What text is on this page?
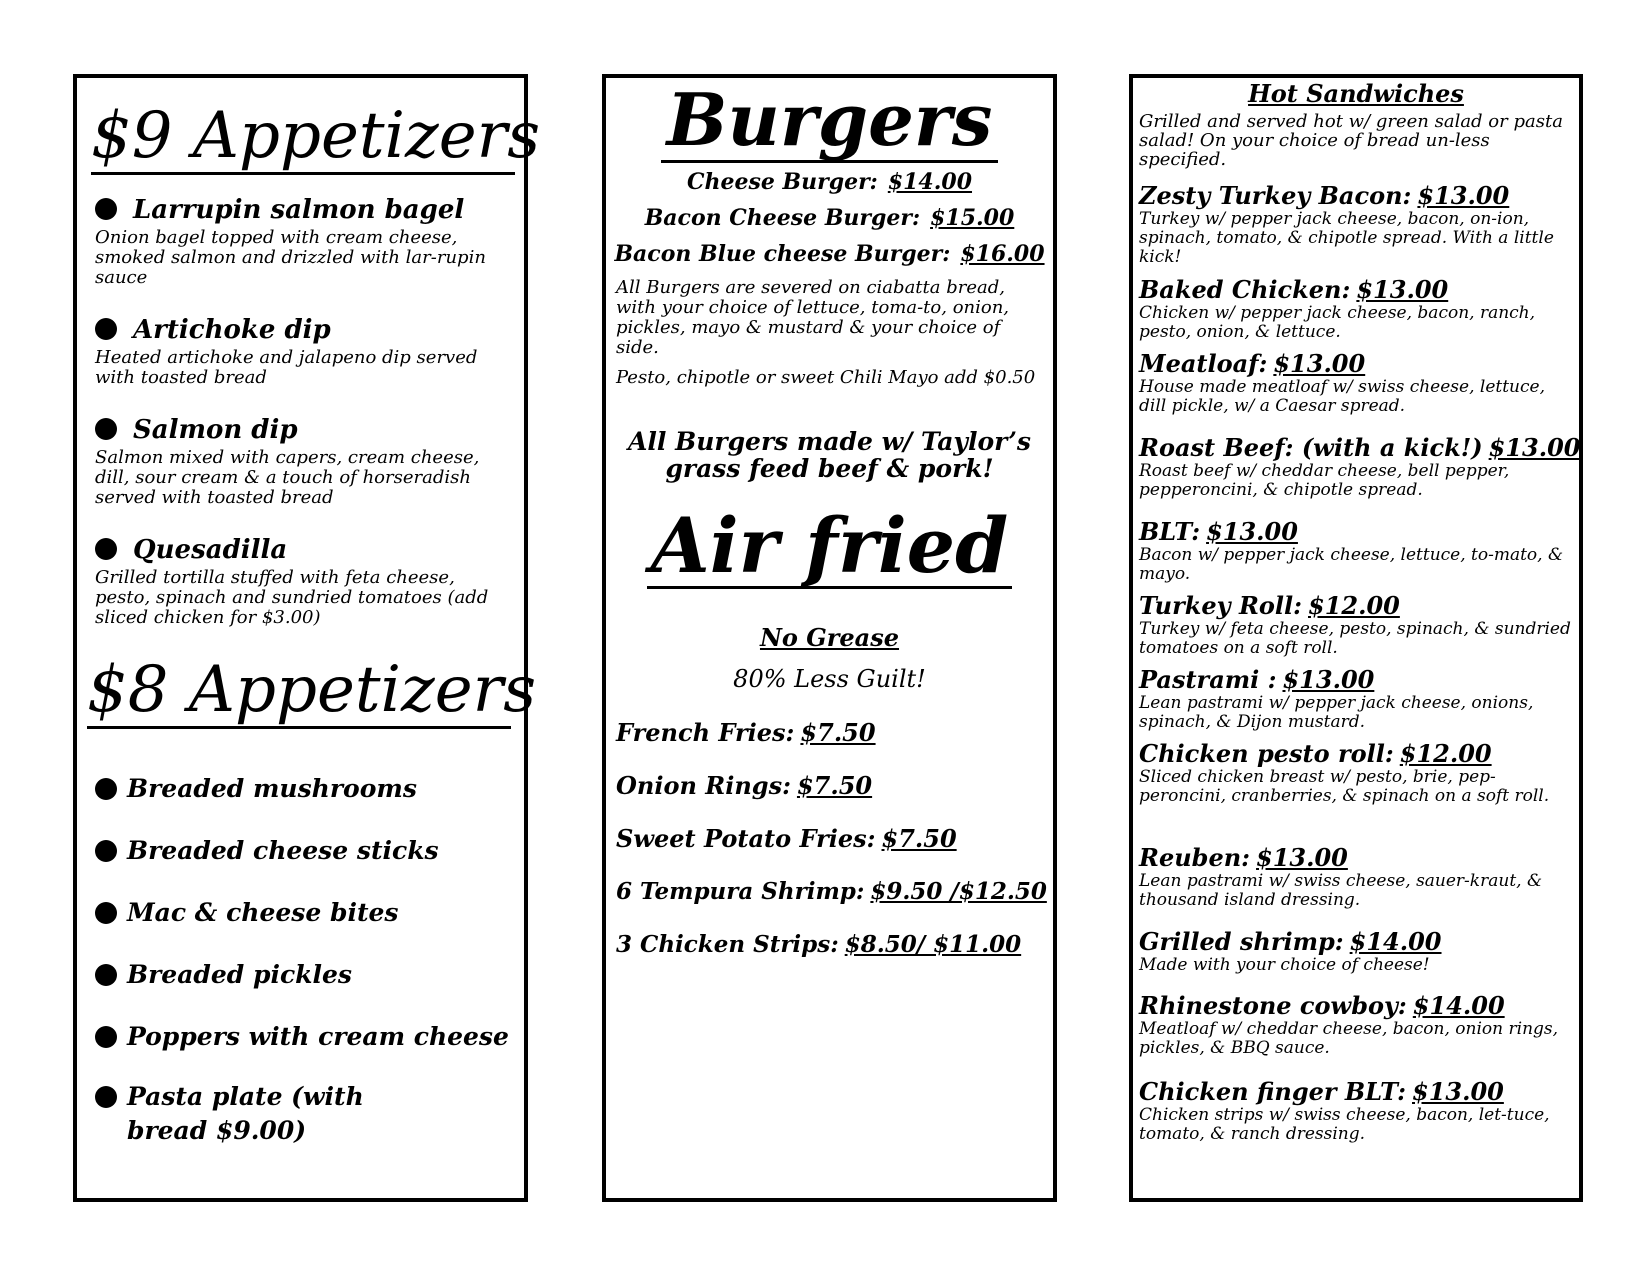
$9 Appetizers
Larrupin salmon bagel
Onion bagel topped with cream cheese, smoked salmon and drizzled with lar-rupin sauce
Artichoke dip
Heated artichoke and jalapeno dip served with toasted bread
Salmon dip
Salmon mixed with capers, cream cheese, dill, sour cream & a touch of horseradish served with toasted bread
Quesadilla
Grilled tortilla stuffed with feta cheese, pesto, spinach and sundried tomatoes (add sliced chicken for $3.00)
$8 Appetizers
Breaded mushrooms
Breaded cheese sticks
Mac & cheese bites
Breaded pickles
Poppers with cream cheese
Pasta plate (with bread $9.00)
Burgers
Cheese Burger: $14.00
Bacon Cheese Burger: $15.00
Bacon Blue cheese Burger: $16.00
All Burgers are severed on ciabatta bread, with your choice of lettuce, toma-to, onion, pickles, mayo & mustard & your choice of side.
Pesto, chipotle or sweet Chili Mayo add $0.50
All Burgers made w/ Taylor’s grass feed beef & pork!
Air fried
No Grease
80% Less Guilt!
French Fries: $7.50
Onion Rings: $7.50
Sweet Potato Fries: $7.50
6 Tempura Shrimp: $9.50 /$12.50
3 Chicken Strips: $8.50/ $11.00
Hot Sandwiches
Grilled and served hot w/ green salad or pasta salad! On your choice of bread un-less specified.
Zesty Turkey Bacon: $13.00
Turkey w/ pepper jack cheese, bacon, on-ion, spinach, tomato, & chipotle spread. With a little kick!
Baked Chicken: $13.00
Chicken w/ pepper jack cheese, bacon, ranch, pesto, onion, & lettuce.
Meatloaf: $13.00
House made meatloaf w/ swiss cheese, lettuce, dill pickle, w/ a Caesar spread.
Roast Beef: (with a kick!) $13.00
Roast beef w/ cheddar cheese, bell pepper, pepperoncini, & chipotle spread.
BLT: $13.00
Bacon w/ pepper jack cheese, lettuce, to-mato, & mayo.
Turkey Roll: $12.00
Turkey w/ feta cheese, pesto, spinach, & sundried tomatoes on a soft roll.
Pastrami : $13.00
Lean pastrami w/ pepper jack cheese, onions, spinach, & Dijon mustard.
Chicken pesto roll: $12.00
Sliced chicken breast w/ pesto, brie, pep-peroncini, cranberries, & spinach on a soft roll.
Reuben: $13.00
Lean pastrami w/ swiss cheese, sauer-kraut, & thousand island dressing.
Grilled shrimp: $14.00
Made with your choice of cheese!
Rhinestone cowboy: $14.00
Meatloaf w/ cheddar cheese, bacon, onion rings, pickles, & BBQ sauce.
Chicken finger BLT: $13.00
Chicken strips w/ swiss cheese, bacon, let-tuce, tomato, & ranch dressing.
